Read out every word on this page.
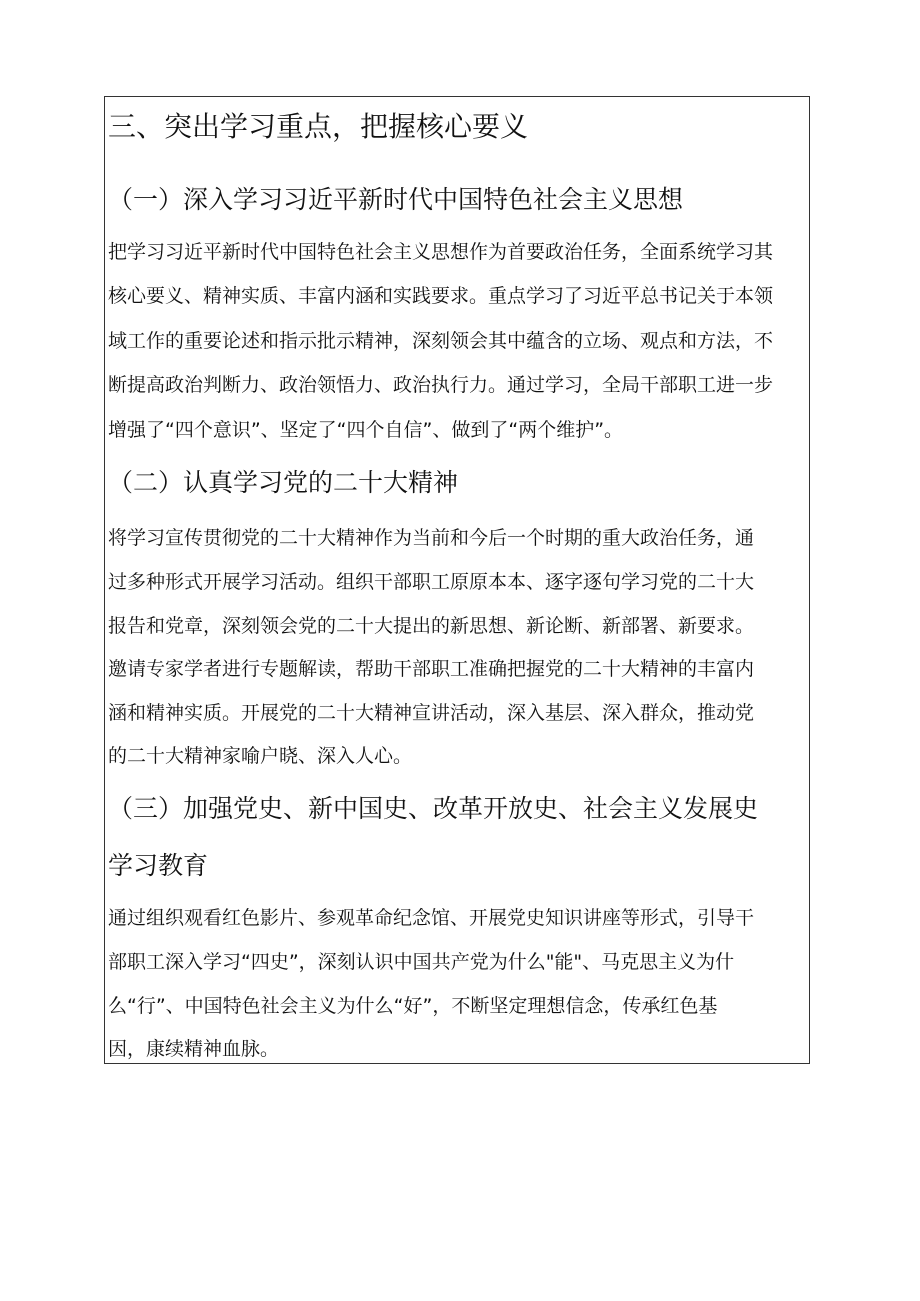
三、突出学习重点，把握核心要义
（一）深入学习习近平新时代中国特色社会主义思想
把学习习近平新时代中国特色社会主义思想作为首要政治任务，全面系统学习其
核心要义、精神实质、丰富内涵和实践要求。重点学习了习近平总书记关于本领
域工作的重要论述和指示批示精神，深刻领会其中蕴含的立场、观点和方法，不
断提高政治判断力、政治领悟力、政治执行力。通过学习，全局干部职工进一步
增强了“四个意识”、坚定了“四个自信”、做到了“两个维护”。
（二）认真学习党的二十大精神
将学习宣传贯彻党的二十大精神作为当前和今后一个时期的重大政治任务，通
过多种形式开展学习活动。组织干部职工原原本本、逐字逐句学习党的二十大
报告和党章，深刻领会党的二十大提出的新思想、新论断、新部署、新要求。
邀请专家学者进行专题解读，帮助干部职工准确把握党的二十大精神的丰富内
涵和精神实质。开展党的二十大精神宣讲活动，深入基层、深入群众，推动党
的二十大精神家喻户晓、深入人心。
（三）加强党史、新中国史、改革开放史、社会主义发展史
学习教育
通过组织观看红色影片、参观革命纪念馆、开展党史知识讲座等形式，引导干
部职工深入学习“四史”，深刻认识中国共产党为什么"能"、马克思主义为什
么“行”、中国特色社会主义为什么“好”，不断坚定理想信念，传承红色基
因，康续精神血脉。
